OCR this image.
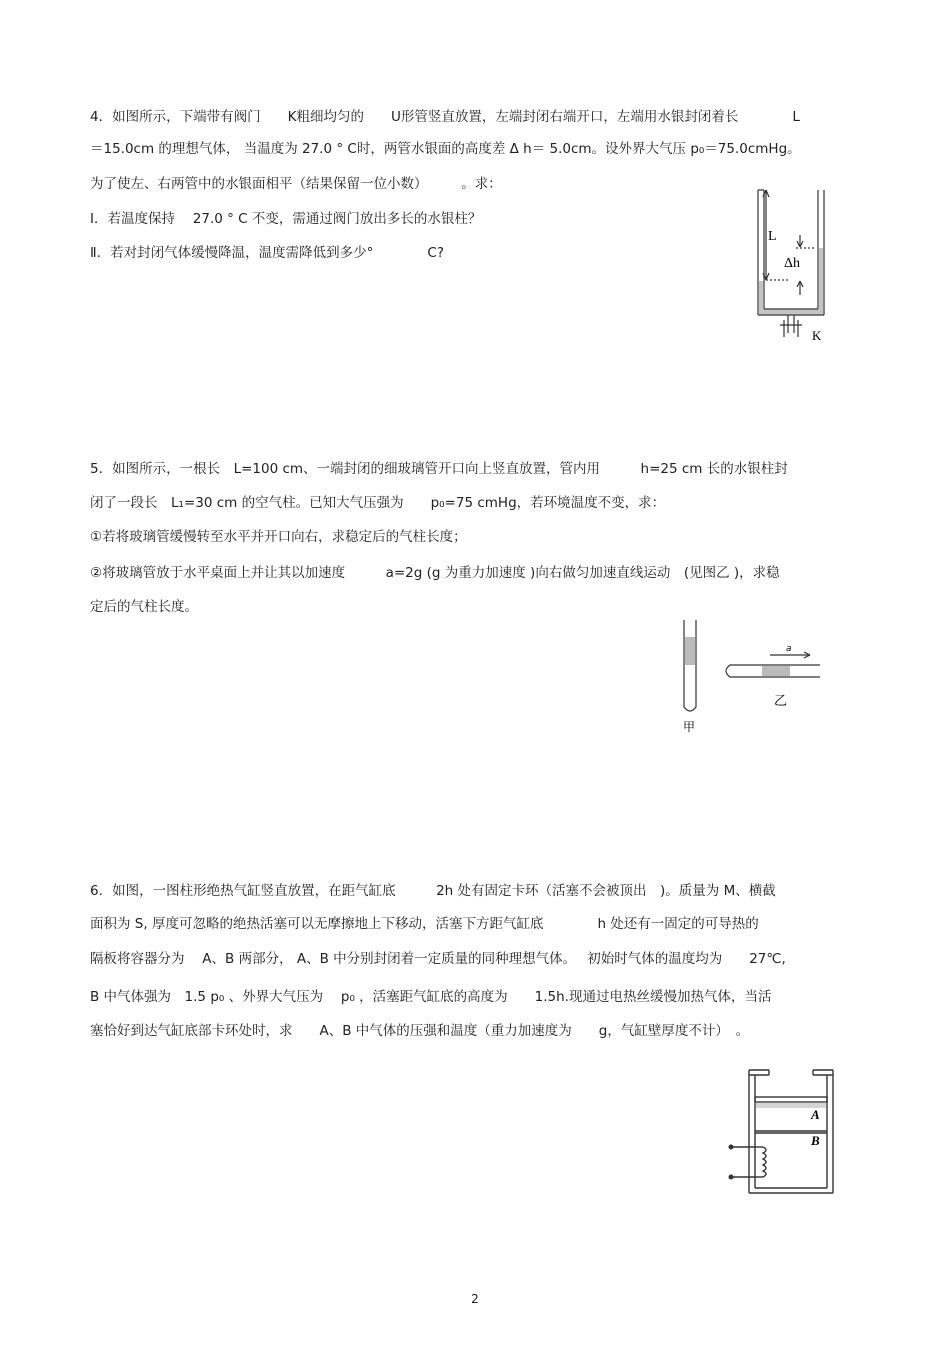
4．如图所示，下端带有阀门　　K粗细均匀的　　U形管竖直放置，左端封闭右端开口，左端用水银封闭着长　　　　L
＝15.0cm 的理想气体， 当温度为 27.0 ° C时，两管水银面的高度差 Δ h＝ 5.0cm。设外界大气压 p₀＝75.0cmHg。
为了使左、右两管中的水银面相平（结果保留一位小数）　　　。求：
Ⅰ．若温度保持 　27.0 ° C 不变，需通过阀门放出多长的水银柱？
Ⅱ．若对封闭气体缓慢降温，温度需降低到多少°　　　　C?
L
Δh
K
5．如图所示，一根长　L=100 cm、一端封闭的细玻璃管开口向上竖直放置，管内用　　　h=25 cm 长的水银柱封
闭了一段长　L₁=30 cm 的空气柱。已知大气压强为　　p₀=75 cmHg，若环境温度不变，求：
①若将玻璃管缓慢转至水平并开口向右，求稳定后的气柱长度；
②将玻璃管放于水平桌面上并让其以加速度　　　a=2g (g 为重力加速度 )向右做匀加速直线运动　(见图乙 )，求稳
定后的气柱长度。
甲
乙
a
6．如图，一图柱形绝热气缸竖直放置，在距气缸底　　　2h 处有固定卡环（活塞不会被顶出　)。质量为 M、横截
面积为 S, 厚度可忽略的绝热活塞可以无摩擦地上下移动，活塞下方距气缸底　　　　h 处还有一固定的可导热的
隔板将容器分为　 A、B 两部分， A、B 中分别封闭着一定质量的同种理想气体。　 初始时气体的温度均为　　27℃,
B 中气体强为　1.5 p₀ 、外界大气压为　 p₀ ，活塞距气缸底的高度为　　1.5h.现通过电热丝缓慢加热气体，当活
塞恰好到达气缸底部卡环处时，求　　A、B 中气体的压强和温度（重力加速度为　　g，气缸壁厚度不计）　。
A
B
2
